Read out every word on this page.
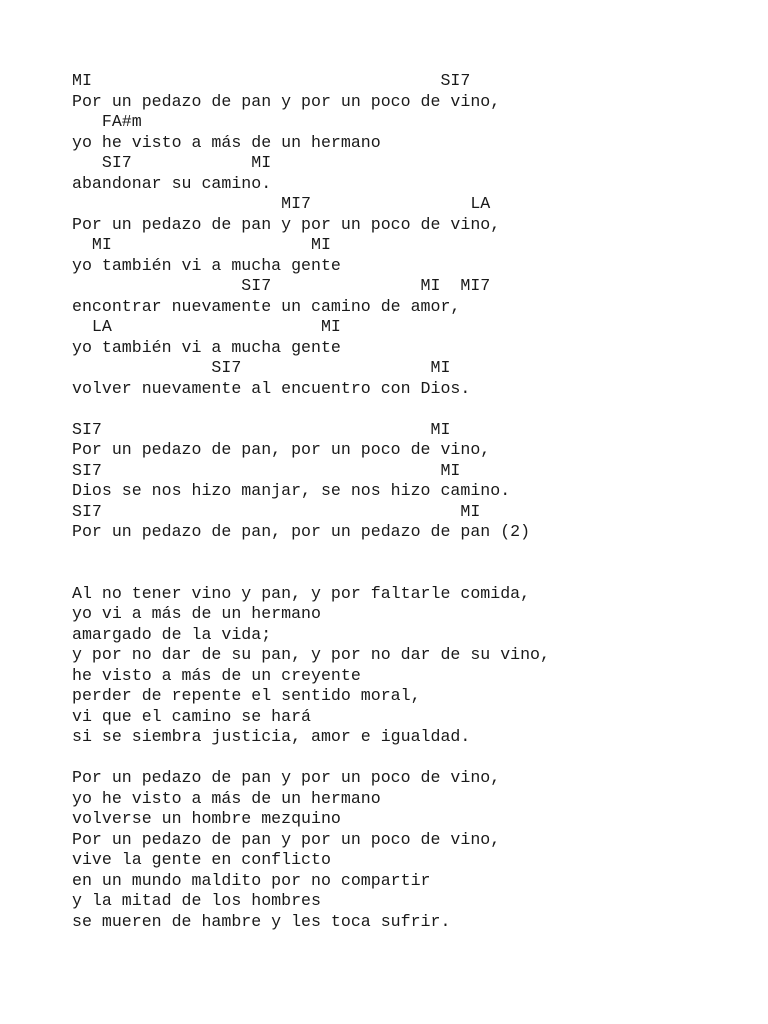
MI                                   SI7
Por un pedazo de pan y por un poco de vino,
FA#m
yo he visto a más de un hermano
SI7            MI
abandonar su camino.
MI7                LA
Por un pedazo de pan y por un poco de vino,
MI                    MI
yo también vi a mucha gente
SI7               MI  MI7
encontrar nuevamente un camino de amor,
LA                     MI
yo también vi a mucha gente
SI7                   MI
volver nuevamente al encuentro con Dios.
SI7                                 MI
Por un pedazo de pan, por un poco de vino,
SI7                                  MI
Dios se nos hizo manjar, se nos hizo camino.
SI7                                    MI
Por un pedazo de pan, por un pedazo de pan (2)
Al no tener vino y pan, y por faltarle comida,
yo vi a más de un hermano
amargado de la vida;
y por no dar de su pan, y por no dar de su vino,
he visto a más de un creyente
perder de repente el sentido moral,
vi que el camino se hará
si se siembra justicia, amor e igualdad.
Por un pedazo de pan y por un poco de vino,
yo he visto a más de un hermano
volverse un hombre mezquino
Por un pedazo de pan y por un poco de vino,
vive la gente en conflicto
en un mundo maldito por no compartir
y la mitad de los hombres
se mueren de hambre y les toca sufrir.
